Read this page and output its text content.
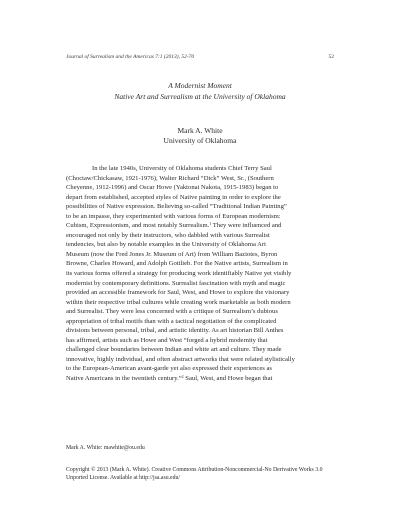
Journal of Surrealism and the Americas 7:1 (2013), 52-70	52
A Modernist Moment
Native Art and Surrealism at the University of Oklahoma
Mark A. White
University of Oklahoma
In the late 1940s, University of Oklahoma students Chief Terry Saul
(Choctaw/Chickasaw, 1921-1976), Walter Richard “Dick” West, Sr., (Southern
Cheyenne, 1912-1996) and Oscar Howe (Yaktonai Nakota, 1915-1983) began to
depart from established, accepted styles of Native painting in order to explore the
possibilities of Native expression. Believing so-called “Traditional Indian Painting”
to be an impasse, they experimented with various forms of European modernism:
Cubism, Expressionism, and most notably Surrealism.$^1$ They were influenced and
encouraged not only by their instructors, who dabbled with various Surrealist
tendencies, but also by notable examples in the University of Oklahoma Art
Museum (now the Fred Jones Jr. Museum of Art) from William Baziotes, Byron
Browne, Charles Howard, and Adolph Gottlieb. For the Native artists, Surrealism in
its various forms offered a strategy for producing work identifiably Native yet visibly
modernist by contemporary definitions. Surrealist fascination with myth and magic
provided an accessible framework for Saul, West, and Howe to explore the visionary
within their respective tribal cultures while creating work marketable as both modern
and Surrealist. They were less concerned with a critique of Surrealism’s dubious
appropriation of tribal motifs than with a tactical negotiation of the complicated
divisions between personal, tribal, and artistic identity. As art historian Bill Anthes
has affirmed, artists such as Howe and West “forged a hybrid modernity that
challenged clear boundaries between Indian and white art and culture. They made
innovative, highly individual, and often abstract artworks that were related stylistically
to the European-American avant-garde yet also expressed their experiences as
Native Americans in the twentieth century.”$^2$ Saul, West, and Howe began that
Mark A. White: mawhite@ou.edu
Copyright © 2013 (Mark A. White). Creative Commons Attribution-Noncommercial-No Derivative Works 3.0 Unported License. Available at http://jsa.asu.edu/
